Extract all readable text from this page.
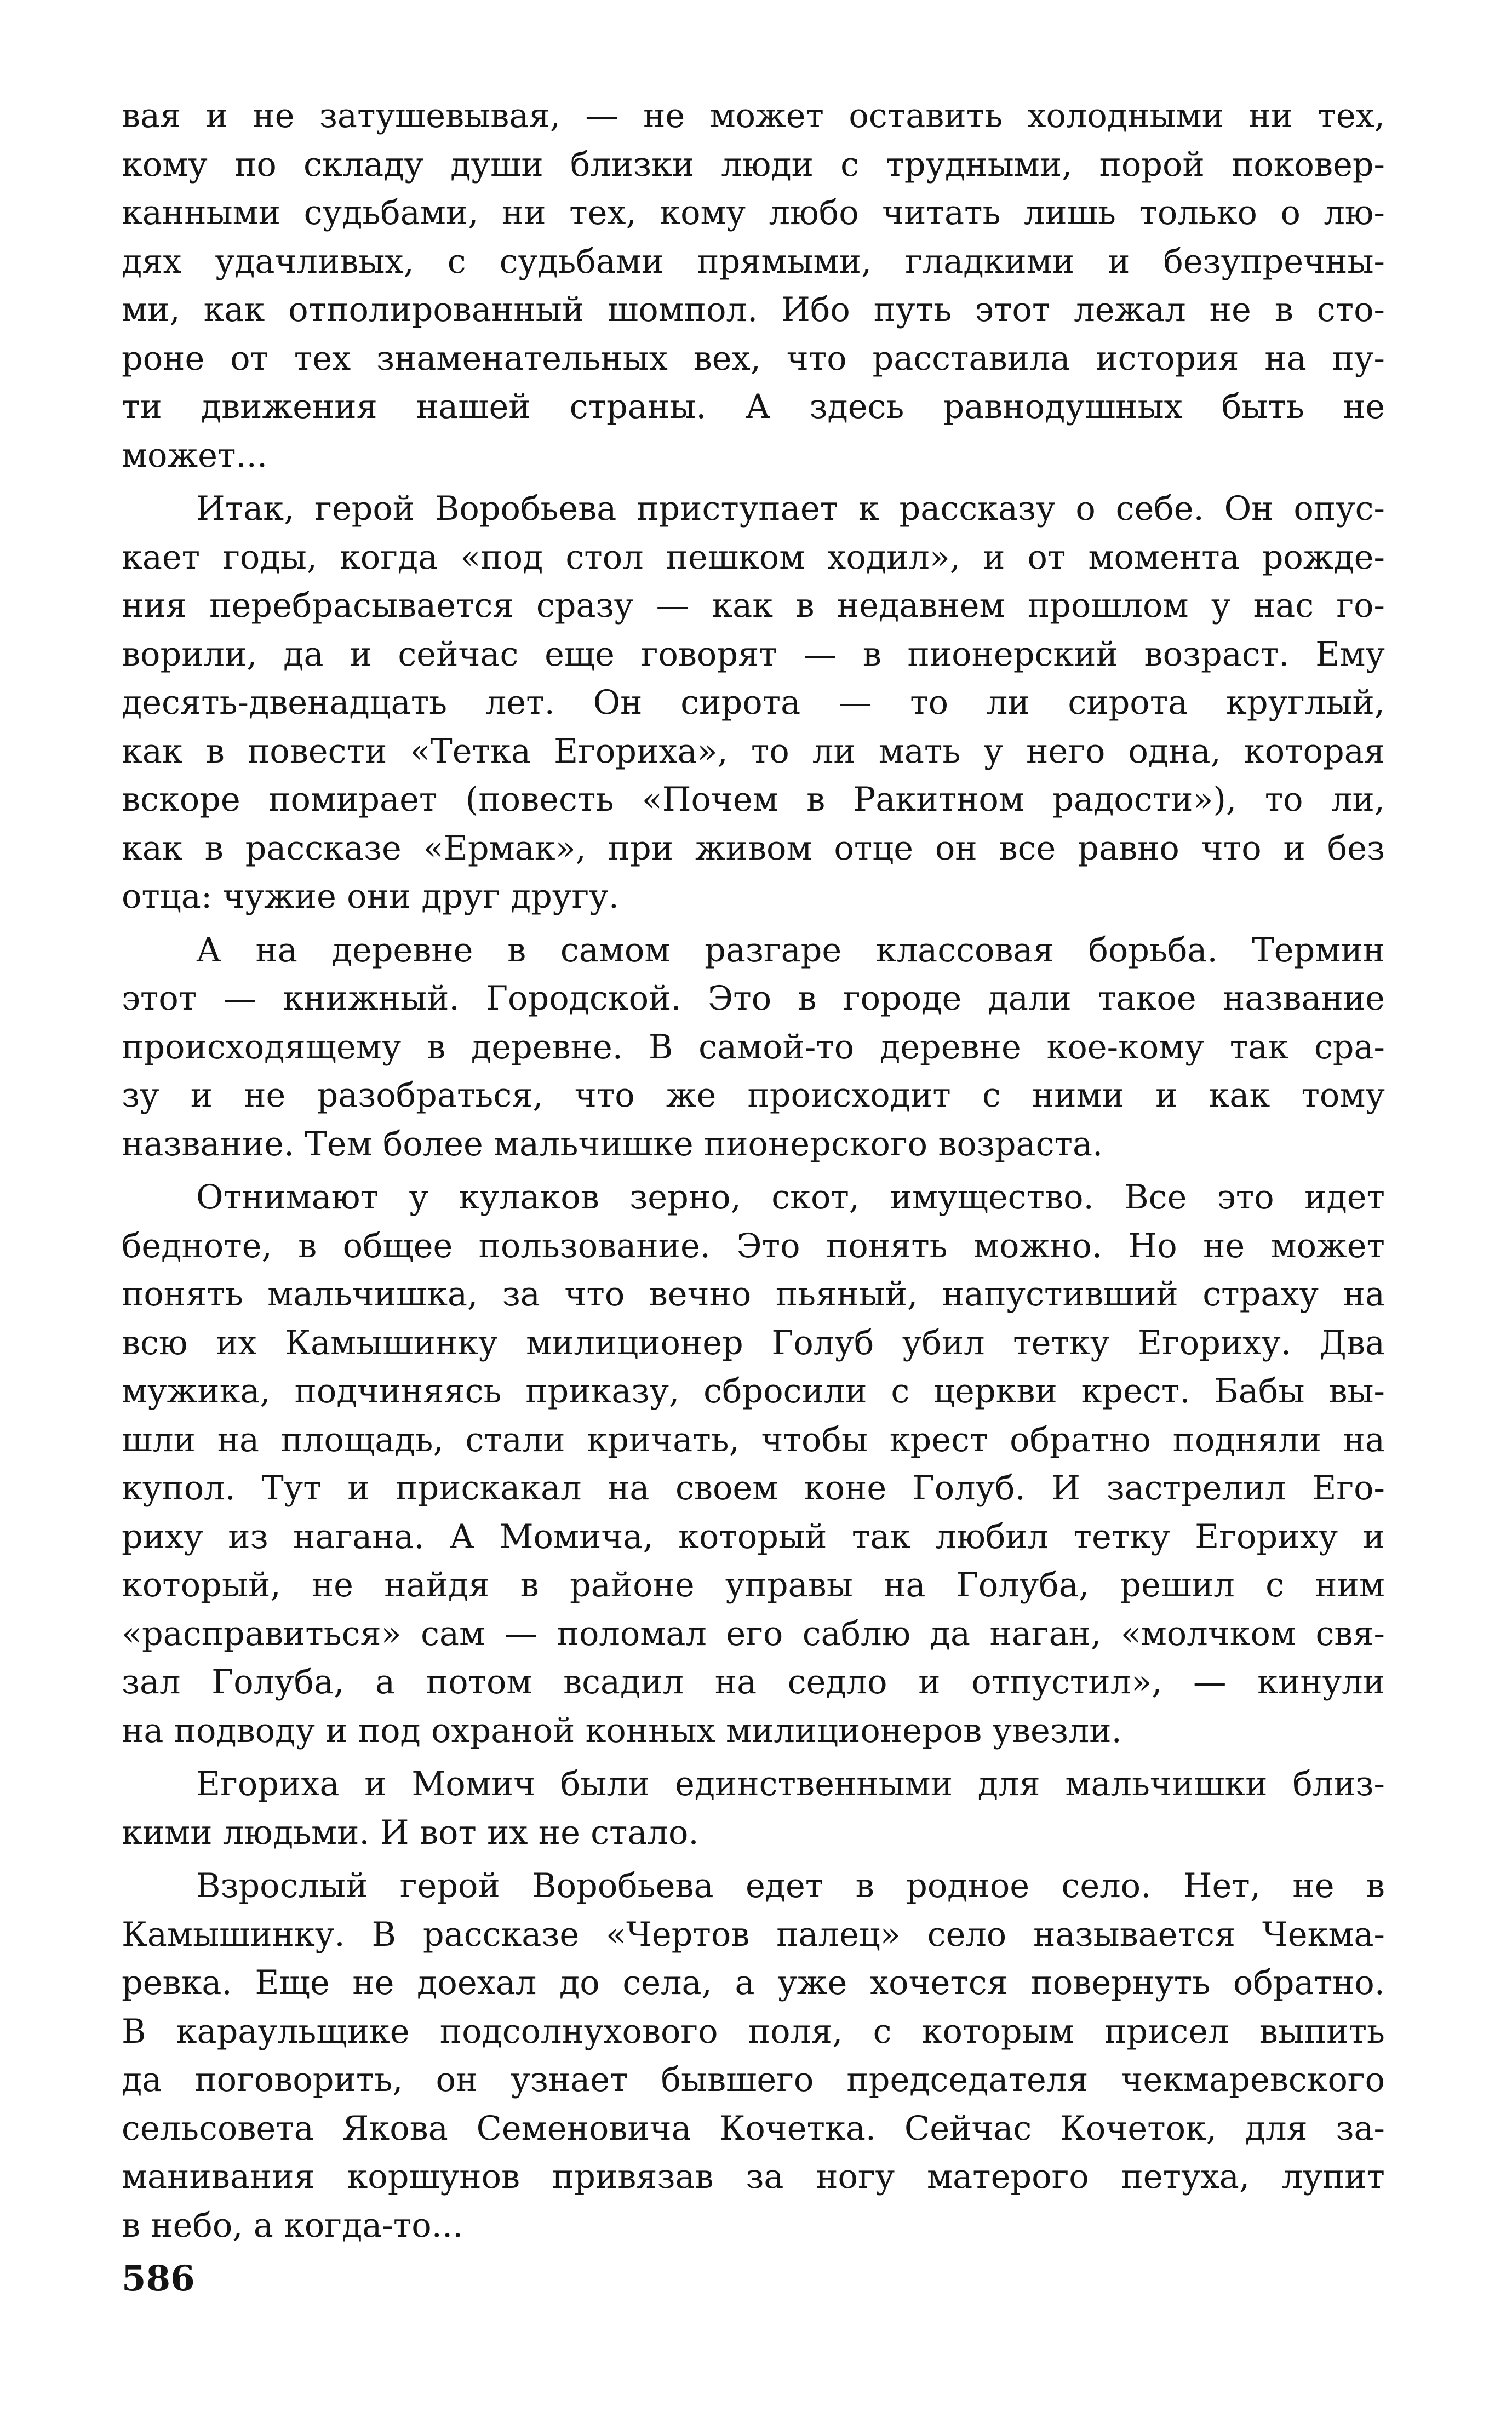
вая и не затушевывая, — не может оставить холодными ни тех,
кому по складу души близки люди с трудными, порой поковер-
канными судьбами, ни тех, кому любо читать лишь только о лю-
дях удачливых, с судьбами прямыми, гладкими и безупречны-
ми, как отполированный шомпол. Ибо путь этот лежал не в сто-
роне от тех знаменательных вех, что расставила история на пу-
ти движения нашей страны. А здесь равнодушных быть не
может...
Итак, герой Воробьева приступает к рассказу о себе. Он опус-
кает годы, когда «под стол пешком ходил», и от момента рожде-
ния перебрасывается сразу — как в недавнем прошлом у нас го-
ворили, да и сейчас еще говорят — в пионерский возраст. Ему
десять-двенадцать лет. Он сирота — то ли сирота круглый,
как в повести «Тетка Егориха», то ли мать у него одна, которая
вскоре помирает (повесть «Почем в Ракитном радости»), то ли,
как в рассказе «Ермак», при живом отце он все равно что и без
отца: чужие они друг другу.
А на деревне в самом разгаре классовая борьба. Термин
этот — книжный. Городской. Это в городе дали такое название
происходящему в деревне. В самой-то деревне кое-кому так сра-
зу и не разобраться, что же происходит с ними и как тому
название. Тем более мальчишке пионерского возраста.
Отнимают у кулаков зерно, скот, имущество. Все это идет
бедноте, в общее пользование. Это понять можно. Но не может
понять мальчишка, за что вечно пьяный, напустивший страху на
всю их Камышинку милиционер Голуб убил тетку Егориху. Два
мужика, подчиняясь приказу, сбросили с церкви крест. Бабы вы-
шли на площадь, стали кричать, чтобы крест обратно подняли на
купол. Тут и прискакал на своем коне Голуб. И застрелил Его-
риху из нагана. А Момича, который так любил тетку Егориху и
который, не найдя в районе управы на Голуба, решил с ним
«расправиться» сам — поломал его саблю да наган, «молчком свя-
зал Голуба, а потом всадил на седло и отпустил», — кинули
на подводу и под охраной конных милиционеров увезли.
Егориха и Момич были единственными для мальчишки близ-
кими людьми. И вот их не стало.
Взрослый герой Воробьева едет в родное село. Нет, не в
Камышинку. В рассказе «Чертов палец» село называется Чекма-
ревка. Еще не доехал до села, а уже хочется повернуть обратно.
В караульщике подсолнухового поля, с которым присел выпить
да поговорить, он узнает бывшего председателя чекмаревского
сельсовета Якова Семеновича Кочетка. Сейчас Кочеток, для за-
манивания коршунов привязав за ногу матерого петуха, лупит
в небо, а когда-то...
586
